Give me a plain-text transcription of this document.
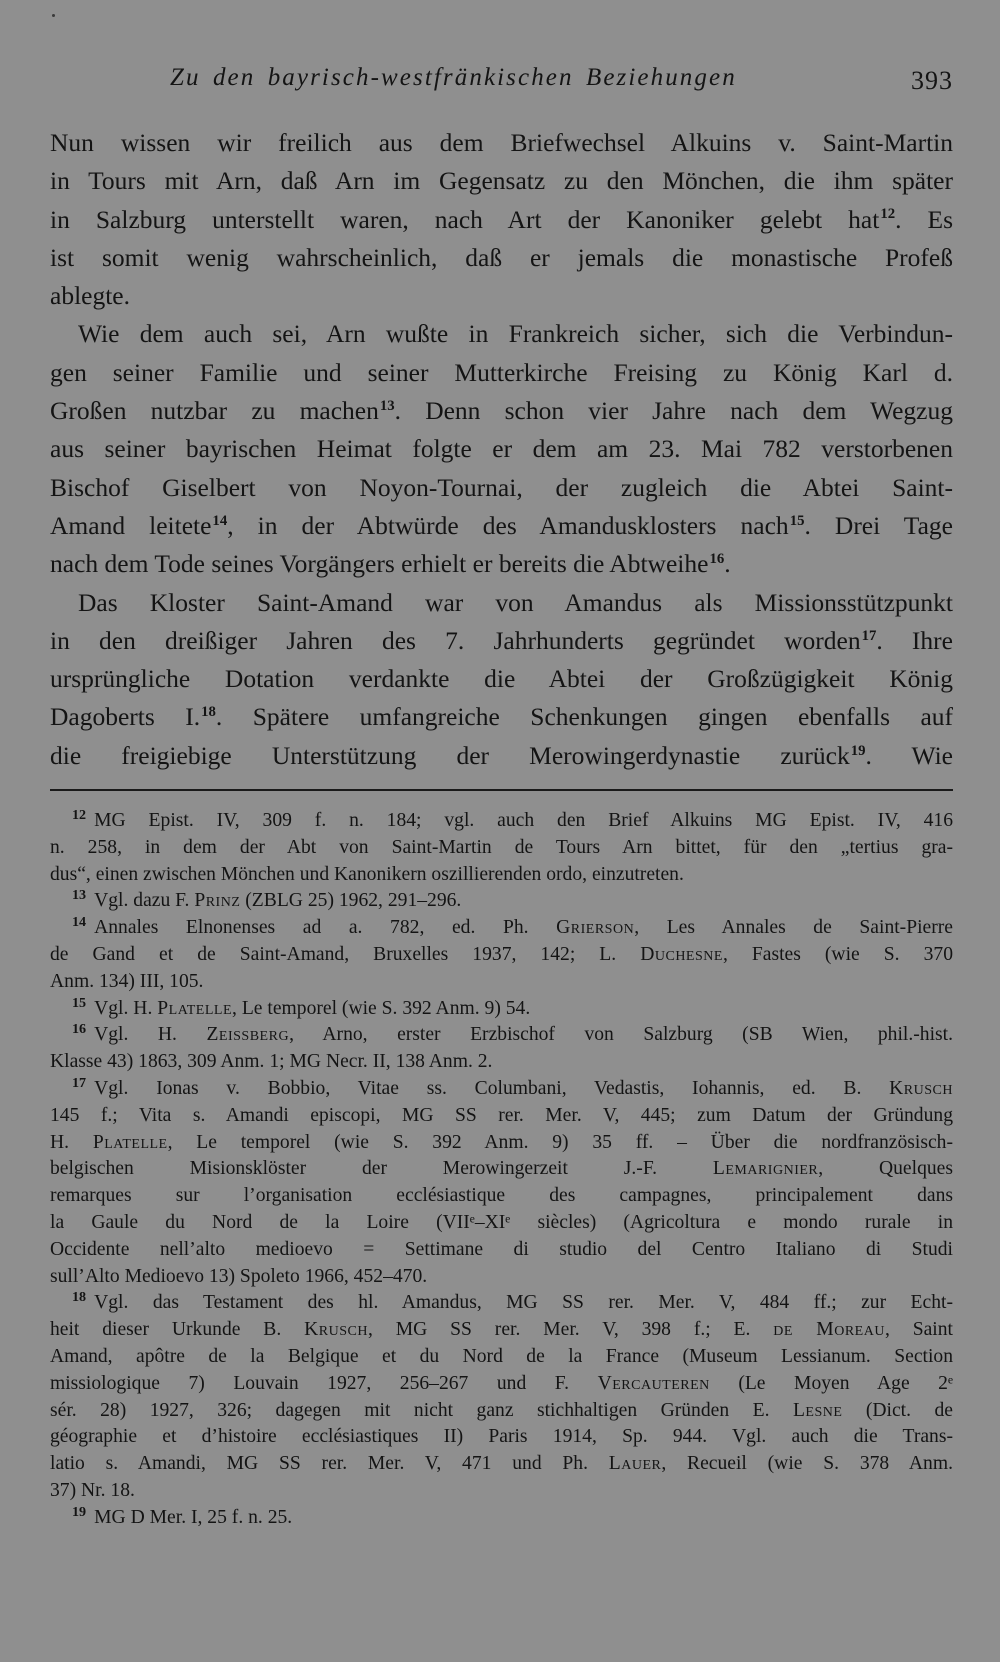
Zu den bayrisch-westfränkischen Beziehungen	393
Nun wissen wir freilich aus dem Briefwechsel Alkuins v. Saint-Martin
in Tours mit Arn, daß Arn im Gegensatz zu den Mönchen, die ihm später
in Salzburg unterstellt waren, nach Art der Kanoniker gelebt hat$^{12}$. Es
ist somit wenig wahrscheinlich, daß er jemals die monastische Profeß
ablegte.
Wie dem auch sei, Arn wußte in Frankreich sicher, sich die Verbindun-
gen seiner Familie und seiner Mutterkirche Freising zu König Karl d.
Großen nutzbar zu machen$^{13}$. Denn schon vier Jahre nach dem Wegzug
aus seiner bayrischen Heimat folgte er dem am 23. Mai 782 verstorbenen
Bischof Giselbert von Noyon-Tournai, der zugleich die Abtei Saint-
Amand leitete$^{14}$, in der Abtwürde des Amandusklosters nach$^{15}$. Drei Tage
nach dem Tode seines Vorgängers erhielt er bereits die Abtweihe$^{16}$.
Das Kloster Saint-Amand war von Amandus als Missionsstützpunkt
in den dreißiger Jahren des 7. Jahrhunderts gegründet worden$^{17}$. Ihre
ursprüngliche Dotation verdankte die Abtei der Großzügigkeit König
Dagoberts I.$^{18}$. Spätere umfangreiche Schenkungen gingen ebenfalls auf
die freigiebige Unterstützung der Merowingerdynastie zurück$^{19}$. Wie
$^{12}$ MG Epist. IV, 309 f. n. 184; vgl. auch den Brief Alkuins MG Epist. IV, 416
n. 258, in dem der Abt von Saint-Martin de Tours Arn bittet, für den „tertius gra-
dus“, einen zwischen Mönchen und Kanonikern oszillierenden ordo, einzutreten.
$^{13}$ Vgl. dazu F. Prinz (ZBLG 25) 1962, 291–296.
$^{14}$ Annales Elnonenses ad a. 782, ed. Ph. Grierson, Les Annales de Saint-Pierre
de Gand et de Saint-Amand, Bruxelles 1937, 142; L. Duchesne, Fastes (wie S. 370
Anm. 134) III, 105.
$^{15}$ Vgl. H. Platelle, Le temporel (wie S. 392 Anm. 9) 54.
$^{16}$ Vgl. H. Zeissberg, Arno, erster Erzbischof von Salzburg (SB Wien, phil.-hist.
Klasse 43) 1863, 309 Anm. 1; MG Necr. II, 138 Anm. 2.
$^{17}$ Vgl. Ionas v. Bobbio, Vitae ss. Columbani, Vedastis, Iohannis, ed. B. Krusch
145 f.; Vita s. Amandi episcopi, MG SS rer. Mer. V, 445; zum Datum der Gründung
H. Platelle, Le temporel (wie S. 392 Anm. 9) 35 ff. – Über die nordfranzösisch-
belgischen Misionsklöster der Merowingerzeit J.-F. Lemarignier, Quelques
remarques sur l’organisation ecclésiastique des campagnes, principalement dans
la Gaule du Nord de la Loire (VIIᵉ–XIᵉ siècles) (Agricoltura e mondo rurale in
Occidente nell’alto medioevo = Settimane di studio del Centro Italiano di Studi
sull’Alto Medioevo 13) Spoleto 1966, 452–470.
$^{18}$ Vgl. das Testament des hl. Amandus, MG SS rer. Mer. V, 484 ff.; zur Echt-
heit dieser Urkunde B. Krusch, MG SS rer. Mer. V, 398 f.; E. de Moreau, Saint
Amand, apôtre de la Belgique et du Nord de la France (Museum Lessianum. Section
missiologique 7) Louvain 1927, 256–267 und F. Vercauteren (Le Moyen Age 2ᵉ
sér. 28) 1927, 326; dagegen mit nicht ganz stichhaltigen Gründen E. Lesne (Dict. de
géographie et d’histoire ecclésiastiques II) Paris 1914, Sp. 944. Vgl. auch die Trans-
latio s. Amandi, MG SS rer. Mer. V, 471 und Ph. Lauer, Recueil (wie S. 378 Anm.
37) Nr. 18.
$^{19}$ MG D Mer. I, 25 f. n. 25.
